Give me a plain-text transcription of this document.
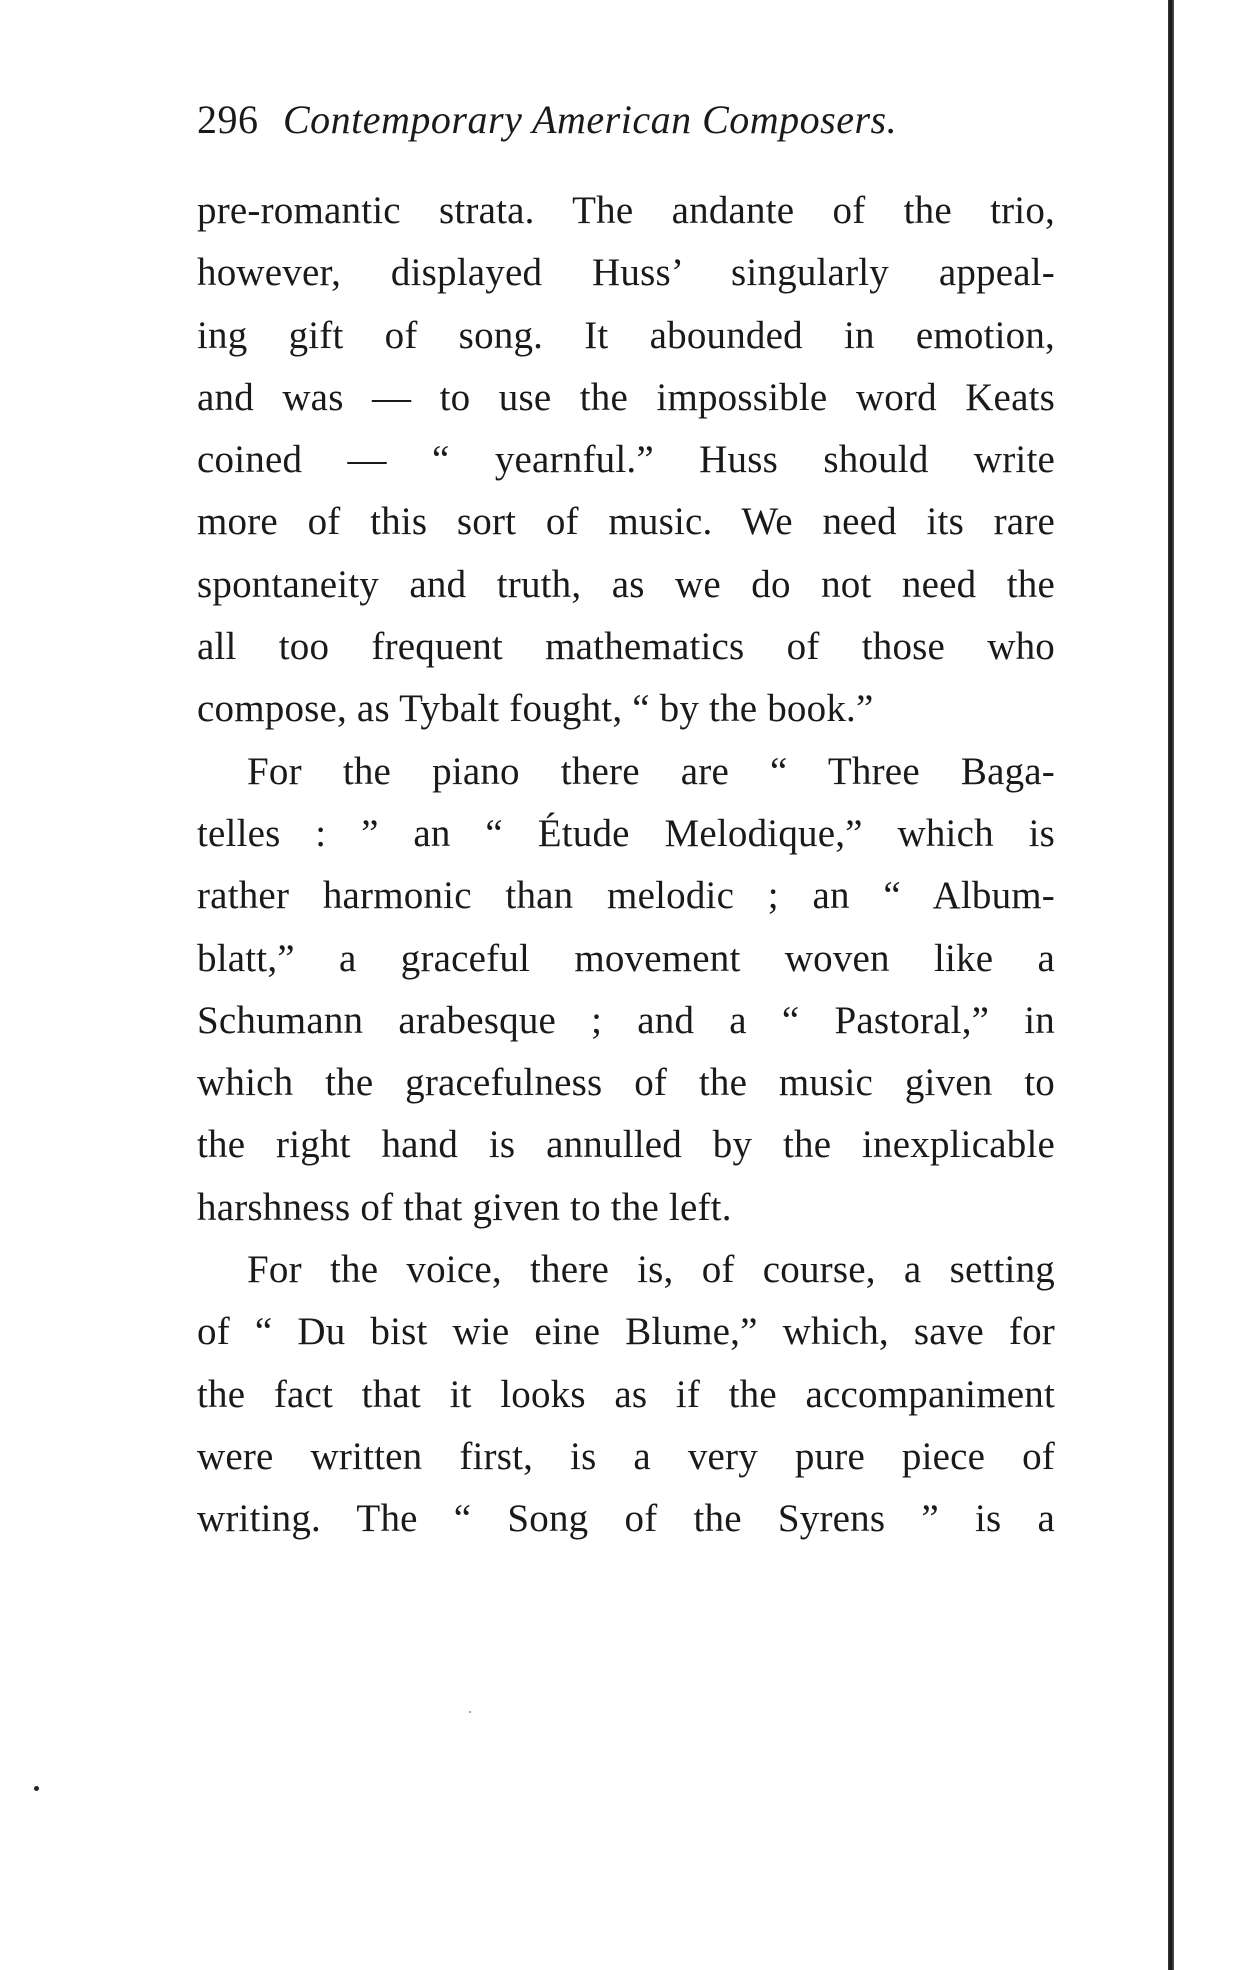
296 Contemporary American Composers.
pre-romantic strata. The andante of the trio,
however, displayed Huss’ singularly appeal-
ing gift of song. It abounded in emotion,
and was — to use the impossible word Keats
coined — “ yearnful.” Huss should write
more of this sort of music. We need its rare
spontaneity and truth, as we do not need the
all too frequent mathematics of those who
compose, as Tybalt fought, “ by the book.”
For the piano there are “ Three Baga-
telles : ” an “ Étude Melodique,” which is
rather harmonic than melodic ; an “ Album-
blatt,” a graceful movement woven like a
Schumann arabesque ; and a “ Pastoral,” in
which the gracefulness of the music given to
the right hand is annulled by the inexplicable
harshness of that given to the left.
For the voice, there is, of course, a setting
of “ Du bist wie eine Blume,” which, save for
the fact that it looks as if the accompaniment
were written first, is a very pure piece of
writing. The “ Song of the Syrens ” is a
